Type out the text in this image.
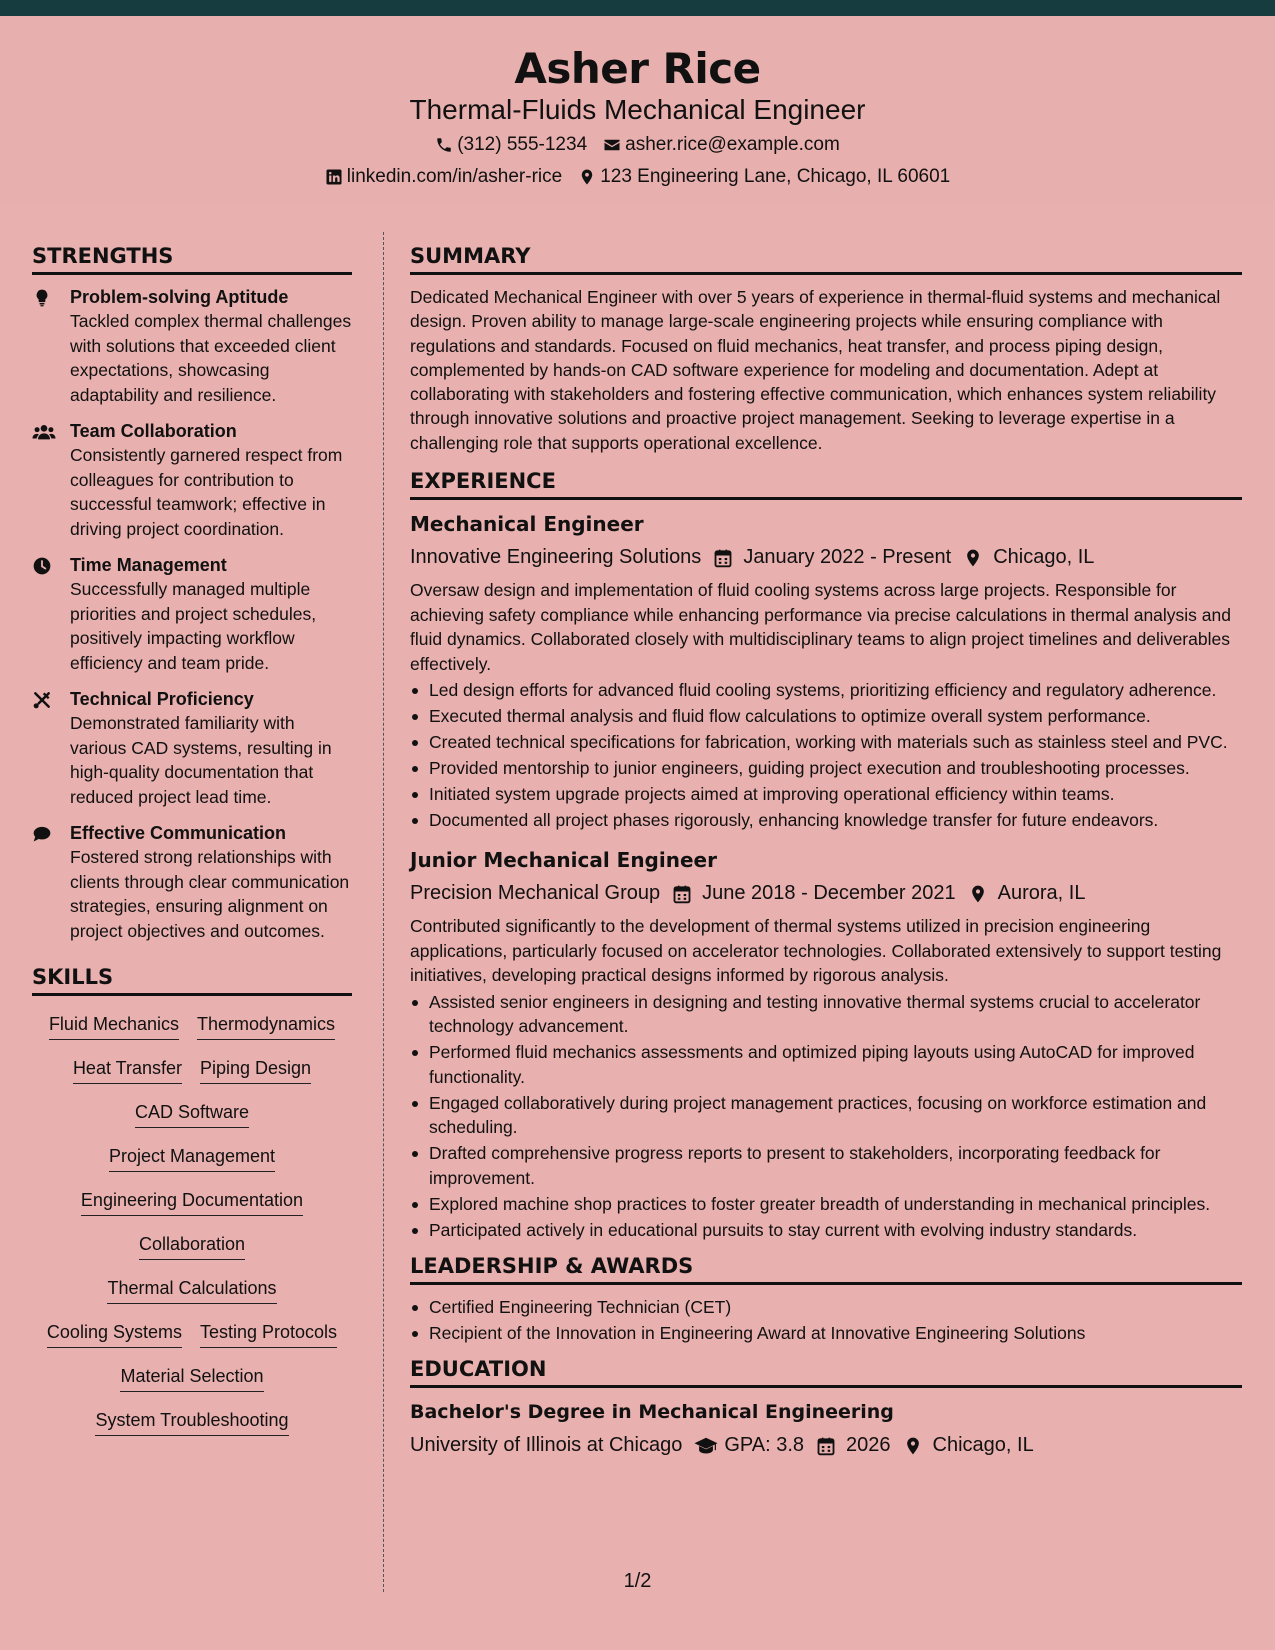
Asher Rice
Thermal-Fluids Mechanical Engineer
(312) 555-1234 asher.rice@example.com
linkedin.com/in/asher-rice 123 Engineering Lane, Chicago, IL 60601
STRENGTHS
Problem-solving Aptitude
Tackled complex thermal challenges with solutions that exceeded client expectations, showcasing adaptability and resilience.
Team Collaboration
Consistently garnered respect from colleagues for contribution to successful teamwork; effective in driving project coordination.
Time Management
Successfully managed multiple priorities and project schedules, positively impacting workflow efficiency and team pride.
Technical Proficiency
Demonstrated familiarity with various CAD systems, resulting in high-quality documentation that reduced project lead time.
Effective Communication
Fostered strong relationships with clients through clear communication strategies, ensuring alignment on project objectives and outcomes.
SKILLS
Fluid Mechanics Thermodynamics
Heat Transfer Piping Design
CAD Software
Project Management
Engineering Documentation
Collaboration
Thermal Calculations
Cooling Systems Testing Protocols
Material Selection
System Troubleshooting
SUMMARY
Dedicated Mechanical Engineer with over 5 years of experience in thermal-fluid systems and mechanical design. Proven ability to manage large-scale engineering projects while ensuring compliance with regulations and standards. Focused on fluid mechanics, heat transfer, and process piping design, complemented by hands-on CAD software experience for modeling and documentation. Adept at collaborating with stakeholders and fostering effective communication, which enhances system reliability through innovative solutions and proactive project management. Seeking to leverage expertise in a challenging role that supports operational excellence.
EXPERIENCE
Mechanical Engineer
Innovative Engineering Solutions January 2022 - Present Chicago, IL
Oversaw design and implementation of fluid cooling systems across large projects. Responsible for achieving safety compliance while enhancing performance via precise calculations in thermal analysis and fluid dynamics. Collaborated closely with multidisciplinary teams to align project timelines and deliverables effectively.
Led design efforts for advanced fluid cooling systems, prioritizing efficiency and regulatory adherence.
Executed thermal analysis and fluid flow calculations to optimize overall system performance.
Created technical specifications for fabrication, working with materials such as stainless steel and PVC.
Provided mentorship to junior engineers, guiding project execution and troubleshooting processes.
Initiated system upgrade projects aimed at improving operational efficiency within teams.
Documented all project phases rigorously, enhancing knowledge transfer for future endeavors.
Junior Mechanical Engineer
Precision Mechanical Group June 2018 - December 2021 Aurora, IL
Contributed significantly to the development of thermal systems utilized in precision engineering applications, particularly focused on accelerator technologies. Collaborated extensively to support testing initiatives, developing practical designs informed by rigorous analysis.
Assisted senior engineers in designing and testing innovative thermal systems crucial to accelerator technology advancement.
Performed fluid mechanics assessments and optimized piping layouts using AutoCAD for improved functionality.
Engaged collaboratively during project management practices, focusing on workforce estimation and scheduling.
Drafted comprehensive progress reports to present to stakeholders, incorporating feedback for improvement.
Explored machine shop practices to foster greater breadth of understanding in mechanical principles.
Participated actively in educational pursuits to stay current with evolving industry standards.
LEADERSHIP & AWARDS
Certified Engineering Technician (CET)
Recipient of the Innovation in Engineering Award at Innovative Engineering Solutions
EDUCATION
Bachelor's Degree in Mechanical Engineering
University of Illinois at Chicago GPA: 3.8 2026 Chicago, IL
1/2
